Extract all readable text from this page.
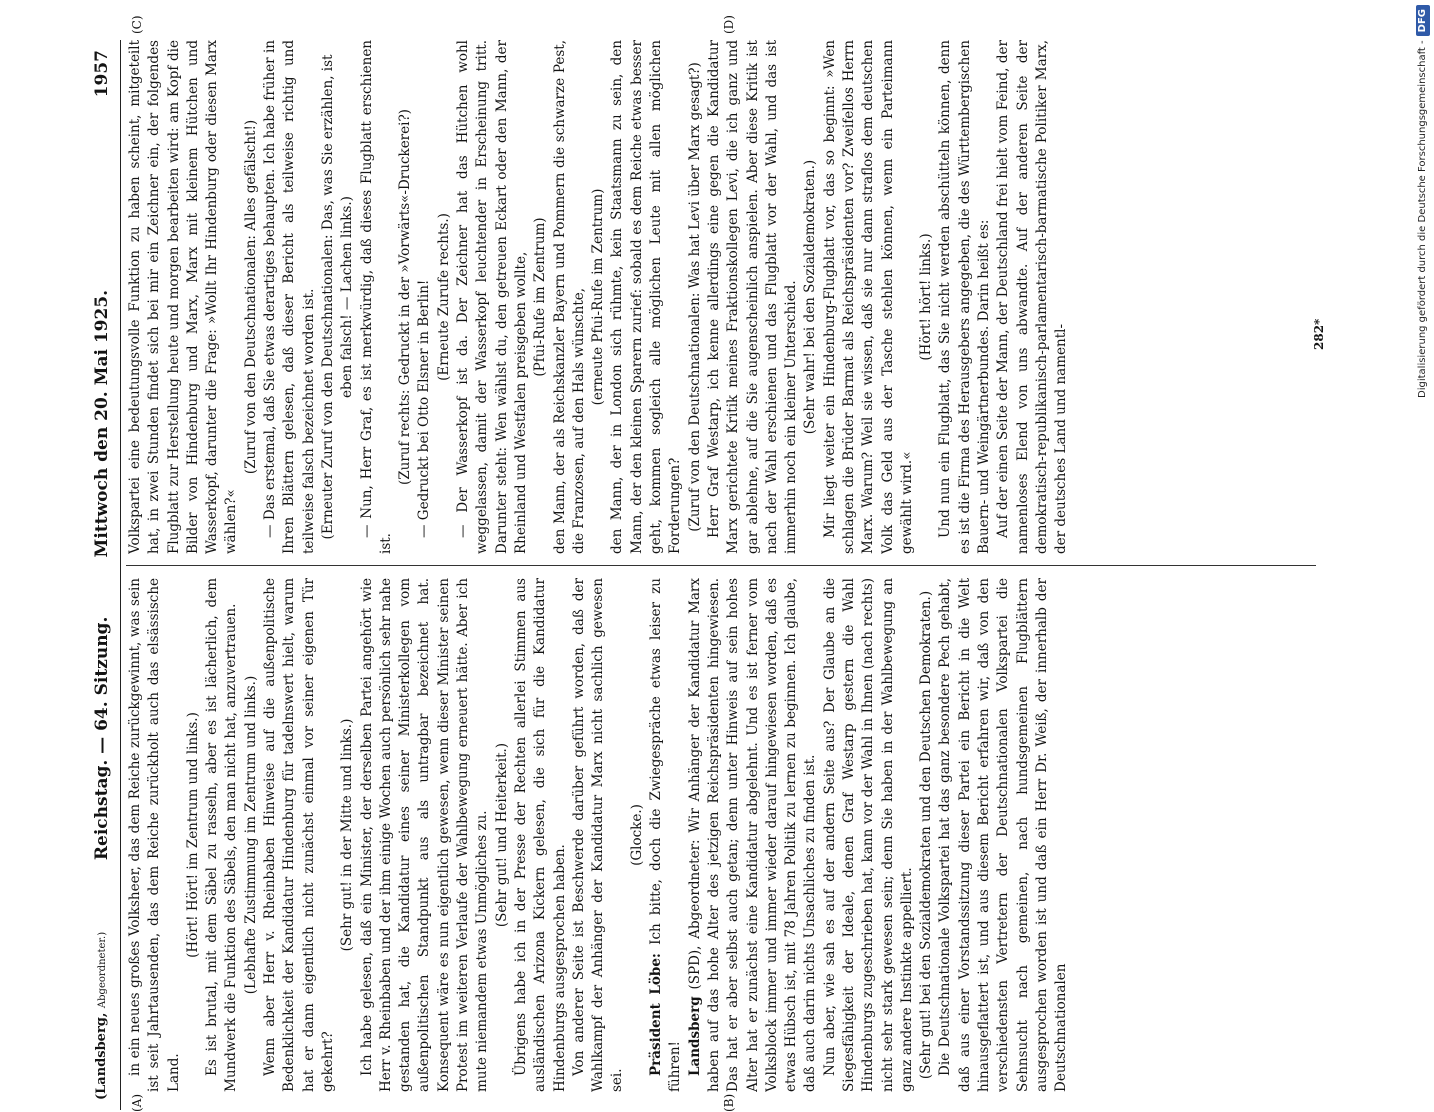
(Landsberg, Abgeordneter.)
Reichstag. — 64. Sitzung.          Mittwoch den 20. Mai 1925.
1957
(A)	(B)
(C)	(D)

in ein neues großes Volksheer, das dem Reiche zurückgewinnt, was sein ist seit Jahrtausenden, das dem Reiche zurückholt auch das elsässische Land.

(Hört! Hört! im Zentrum und links.) Es ist brutal, mit dem Säbel zu rasseln, aber es ist lächerlich, dem Mundwerk die Funktion des Säbels, den man nicht hat, anzuvertrauen. (Lebhafte Zustimmung im Zentrum und links.) Wenn aber Herr v. Rheinbaben Hinweise auf die außenpolitische Bedenklichkeit der Kandidatur Hindenburg für tadelnswert hielt, warum hat er dann eigentlich nicht zunächst einmal vor seiner eigenen Tür gekehrt?

(Sehr gut! in der Mitte und links.) Ich habe gelesen, daß ein Minister, der derselben Partei angehört wie Herr v. Rheinbaben und der ihm einige Wochen auch persönlich sehr nahe gestanden hat, die Kandidatur eines seiner Ministerkollegen vom außenpolitischen Standpunkt aus als untragbar bezeichnet hat. Konsequent wäre es nun eigentlich gewesen, wenn dieser Minister seinen Protest im weiteren Verlaufe der Wahlbewegung erneuert hätte. Aber ich mute niemandem etwas Unmögliches zu. (Sehr gut! und Heiterkeit.) Übrigens habe ich in der Presse der Rechten allerlei Stimmen aus ausländischen Arizona Kickern gelesen, die sich für die Kandidatur Hindenburgs ausgesprochen haben. Von anderer Seite ist Beschwerde darüber geführt worden, daß der Wahlkampf der Anhänger der Kandidatur Marx nicht sachlich gewesen sei.

(Glocke.)

Präsident Löbe: Ich bitte, doch die Zwiegespräche etwas leiser zu führen! Landsberg (SPD), Abgeordneter: Wir Anhänger der Kandidatur Marx haben auf das hohe Alter des jetzigen Reichspräsidenten hingewiesen. Das hat er aber selbst auch getan; denn unter Hinweis auf sein hohes Alter hat er zunächst eine Kandidatur abgelehnt. Und es ist ferner vom Volksblock immer und immer wieder darauf hingewiesen worden, daß es etwas Hübsch ist, mit 78 Jahren Politik zu lernen zu beginnen. Ich glaube, daß auch darin nichts Unsachliches zu finden ist. Nun aber, wie sah es auf der andern Seite aus? Der Glaube an die Siegesfähigkeit der Ideale, denen Graf Westarp gestern die Wahl Hindenburgs zugeschrieben hat, kann vor der Wahl in Ihnen (nach rechts) nicht sehr stark gewesen sein; denn Sie haben in der Wahlbewegung an ganz andere Instinkte appelliert. (Sehr gut! bei den Sozialdemokraten und den Deutschen Demokraten.) Die Deutschnationale Volkspartei hat das ganz besondere Pech gehabt, daß aus einer Vorstandssitzung dieser Partei ein Bericht in die Welt hinausgeflattert ist, und aus diesem Bericht erfahren wir, daß von den verschiedensten Vertretern der Deutschnationalen Volkspartei die Sehnsucht nach gemeinen, nach hundsgemeinen Flugblättern ausgesprochen worden ist und daß ein Herr Dr. Weiß, der innerhalb der Deutschnationalen

Volkspartei eine bedeutungsvolle Funktion zu haben scheint, mitgeteilt hat, in zwei Stunden findet sich bei mir ein Zeichner ein, der folgendes Flugblatt zur Herstellung heute und morgen bearbeiten wird: am Kopf die Bilder von Hindenburg und Marx, Marx mit kleinem Hütchen und Wasserkopf, darunter die Frage: »Wollt Ihr Hindenburg oder diesen Marx wählen?«

(Zuruf von den Deutschnationalen: Alles gefälscht!) — Das erstemal, daß Sie etwas derartiges behaupten. Ich habe früher in Ihren Blättern gelesen, daß dieser Bericht als teilweise richtig und teilweise falsch bezeichnet worden ist. (Erneuter Zuruf von den Deutschnationalen: Das, was Sie erzählen, ist eben falsch! — Lachen links.) — Nun, Herr Graf, es ist merkwürdig, daß dieses Flugblatt erschienen ist.

(Zuruf rechts: Gedruckt in der »Vorwärts«-Druckerei?) — Gedruckt bei Otto Elsner in Berlin! (Erneute Zurufe rechts.) — Der Wasserkopf ist da. Der Zeichner hat das Hütchen wohl weggelassen, damit der Wasserkopf leuchtender in Erscheinung tritt. Darunter steht: Wen wählst du, den getreuen Eckart oder den Mann, der Rheinland und Westfalen preisgeben wollte, (Pfui-Rufe im Zentrum) den Mann, der als Reichskanzler Bayern und Pommern die schwarze Pest, die Franzosen, auf den Hals wünschte, (erneute Pfui-Rufe im Zentrum) den Mann, der in London sich rühmte, kein Staatsmann zu sein, den Mann, der den kleinen Sparern zurief: sobald es dem Reiche etwas besser geht, kommen sogleich alle möglichen Leute mit allen möglichen Forderungen? (Zuruf von den Deutschnationalen: Was hat Levi über Marx gesagt?) Herr Graf Westarp, ich kenne allerdings eine gegen die Kandidatur Marx gerichtete Kritik meines Fraktionskollegen Levi, die ich ganz und gar ablehne, auf die Sie augenscheinlich anspielen. Aber diese Kritik ist nach der Wahl erschienen und das Flugblatt vor der Wahl, und das ist immerhin noch ein kleiner Unterschied. (Sehr wahr! bei den Sozialdemokraten.) Mir liegt weiter ein Hindenburg-Flugblatt vor, das so beginnt: »Wen schlagen die Brüder Barmat als Reichspräsidenten vor? Zweifellos Herrn Marx. Warum? Weil sie wissen, daß sie nur dann straflos dem deutschen Volk das Geld aus der Tasche stehlen können, wenn ein Parteimann gewählt wird.«

(Hört! hört! links.) Und nun ein Flugblatt, das Sie nicht werden abschütteln können, denn es ist die Firma des Herausgebers angegeben, die des Württembergischen Bauern- und Weingärtnerbundes. Darin heißt es: Auf der einen Seite der Mann, der Deutschland frei hielt vom Feind, der namenloses Elend von uns abwandte. Auf der anderen Seite der demokratisch-republikanisch-parlamentarisch-barmatische Politiker Marx, der deutsches Land und namentl-	282*	Digitalisierung gefördert durch die Deutsche Forschungsgemeinschaft -DFG
